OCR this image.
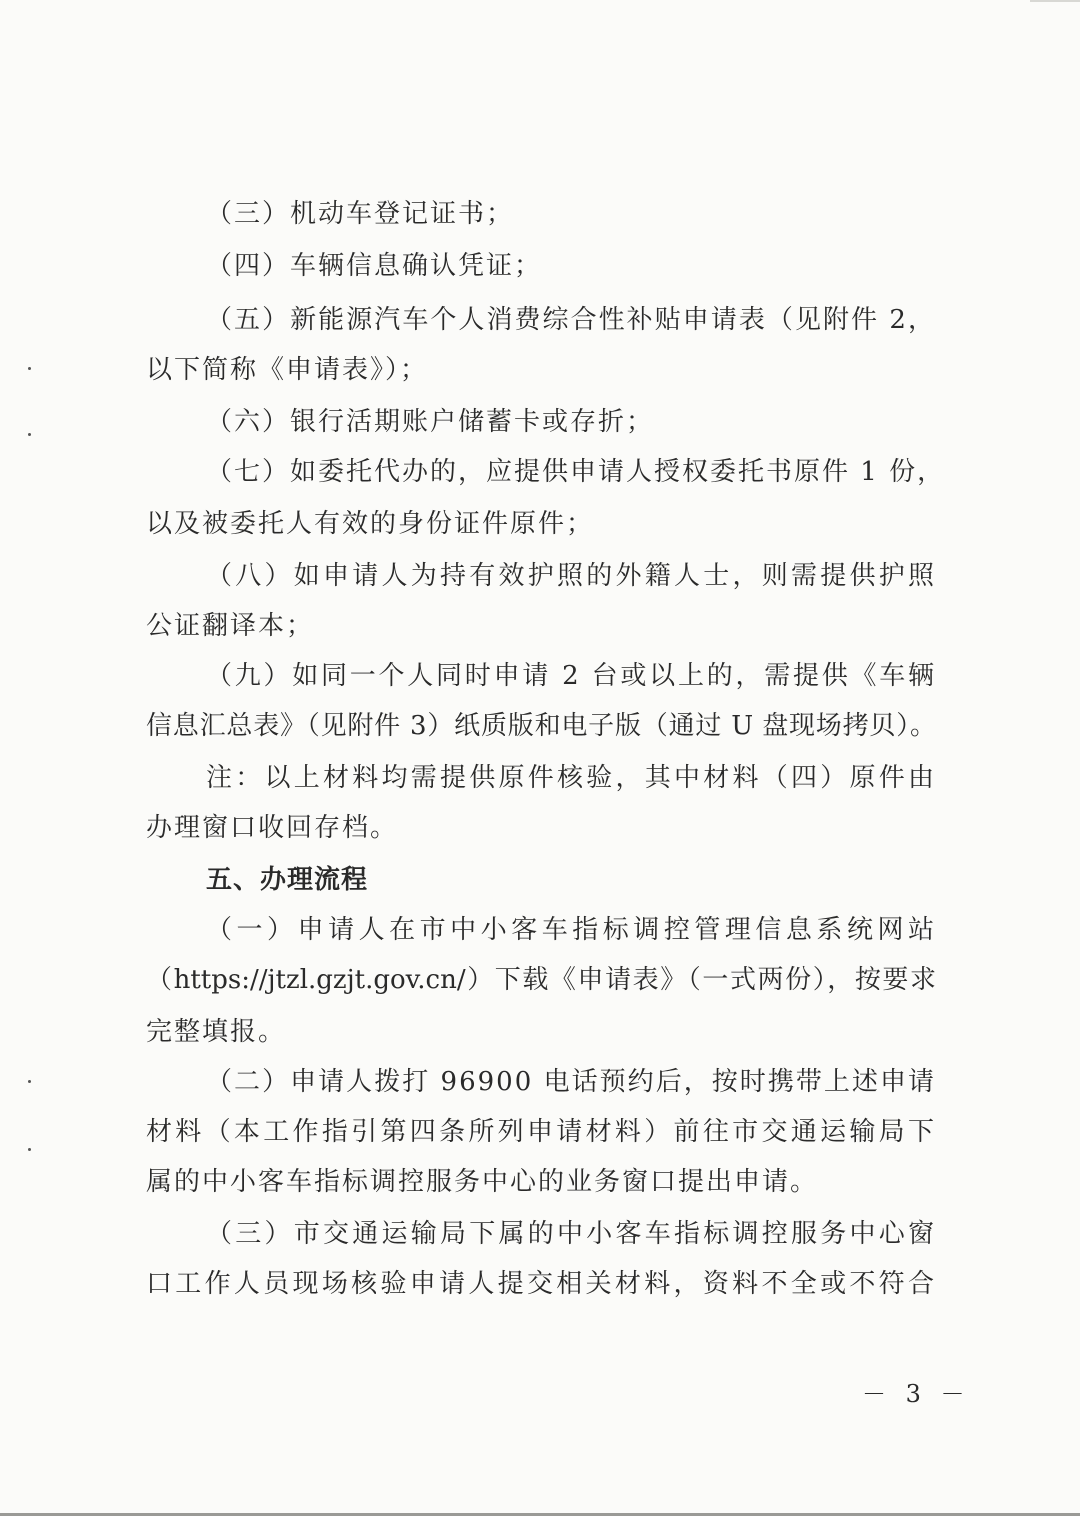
（三）机动车登记证书；
（四）车辆信息确认凭证；
（五）新能源汽车个人消费综合性补贴申请表（见附件 2，
以下简称《申请表》）；
（六）银行活期账户储蓄卡或存折；
（七）如委托代办的，应提供申请人授权委托书原件 1 份，
以及被委托人有效的身份证件原件；
（八）如申请人为持有效护照的外籍人士，则需提供护照
公证翻译本；
（九）如同一个人同时申请 2 台或以上的，需提供《车辆
信息汇总表》（见附件 3）纸质版和电子版（通过 U 盘现场拷贝）。
注：以上材料均需提供原件核验，其中材料（四）原件由
办理窗口收回存档。
五、办理流程
（一）申请人在市中小客车指标调控管理信息系统网站
（https://jtzl.gzjt.gov.cn/）下载《申请表》（一式两份），按要求
完整填报。
（二）申请人拨打 96900 电话预约后，按时携带上述申请
材料（本工作指引第四条所列申请材料）前往市交通运输局下
属的中小客车指标调控服务中心的业务窗口提出申请。
（三）市交通运输局下属的中小客车指标调控服务中心窗
口工作人员现场核验申请人提交相关材料，资料不全或不符合
－ 3 －
